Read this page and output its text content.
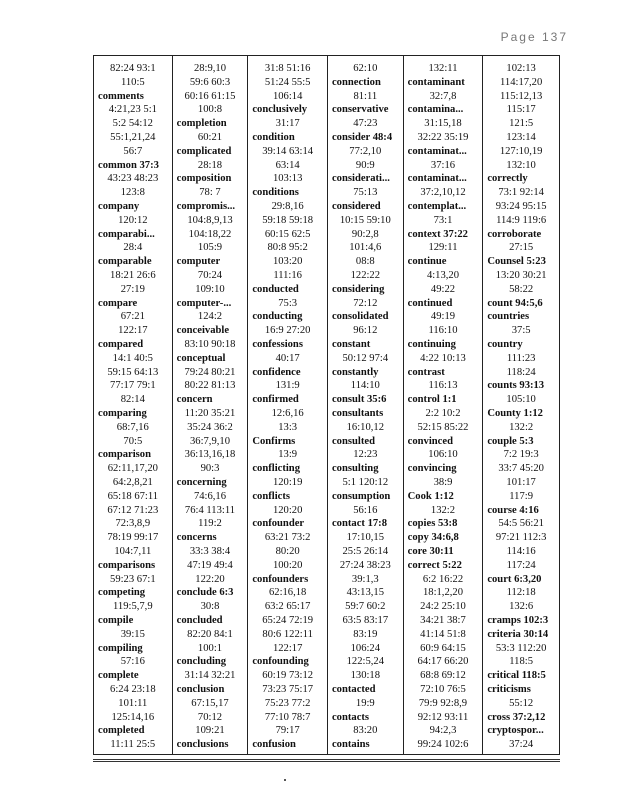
Page 137
82:24 93:1
110:5
comments
4:21,23 5:1
5:2 54:12
55:1,21,24
56:7
common 37:3
43:23 48:23
123:8
company
120:12
comparabi...
28:4
comparable
18:21 26:6
27:19
compare
67:21
122:17
compared
14:1 40:5
59:15 64:13
77:17 79:1
82:14
comparing
68:7,16
70:5
comparison
62:11,17,20
64:2,8,21
65:18 67:11
67:12 71:23
72:3,8,9
78:19 99:17
104:7,11
comparisons
59:23 67:1
competing
119:5,7,9
compile
39:15
compiling
57:16
complete
6:24 23:18
101:11
125:14,16
completed
11:11 25:5
28:9,10
59:6 60:3
60:16 61:15
100:8
completion
60:21
complicated
28:18
composition
78: 7
compromis...
104:8,9,13
104:18,22
105:9
computer
70:24
109:10
computer-...
124:2
conceivable
83:10 90:18
conceptual
79:24 80:21
80:22 81:13
concern
11:20 35:21
35:24 36:2
36:7,9,10
36:13,16,18
90:3
concerning
74:6,16
76:4 113:11
119:2
concerns
33:3 38:4
47:19 49:4
122:20
conclude 6:3
30:8
concluded
82:20 84:1
100:1
concluding
31:14 32:21
conclusion
67:15,17
70:12
109:21
conclusions
31:8 51:16
51:24 55:5
106:14
conclusively
31:17
condition
39:14 63:14
63:14
103:13
conditions
29:8,16
59:18 59:18
60:15 62:5
80:8 95:2
103:20
111:16
conducted
75:3
conducting
16:9 27:20
confessions
40:17
confidence
131:9
confirmed
12:6,16
13:3
Confirms
13:9
conflicting
120:19
conflicts
120:20
confounder
63:21 73:2
80:20
100:20
confounders
62:16,18
63:2 65:17
65:24 72:19
80:6 122:11
122:17
confounding
60:19 73:12
73:23 75:17
75:23 77:2
77:10 78:7
79:17
confusion
62:10
connection
81:11
conservative
47:23
consider 48:4
77:2,10
90:9
considerati...
75:13
considered
10:15 59:10
90:2,8
101:4,6
08:8
122:22
considering
72:12
consolidated
96:12
constant
50:12 97:4
constantly
114:10
consult 35:6
consultants
16:10,12
consulted
12:23
consulting
5:1 120:12
consumption
56:16
contact 17:8
17:10,15
25:5 26:14
27:24 38:23
39:1,3
43:13,15
59:7 60:2
63:5 83:17
83:19
106:24
122:5,24
130:18
contacted
19:9
contacts
83:20
contains
132:11
contaminant
32:7,8
contamina...
31:15,18
32:22 35:19
contaminat...
37:16
contaminat...
37:2,10,12
contemplat...
73:1
context 37:22
129:11
continue
4:13,20
49:22
continued
49:19
116:10
continuing
4:22 10:13
contrast
116:13
control 1:1
2:2 10:2
52:15 85:22
convinced
106:10
convincing
38:9
Cook 1:12
132:2
copies 53:8
copy 34:6,8
core 30:11
correct 5:22
6:2 16:22
18:1,2,20
24:2 25:10
34:21 38:7
41:14 51:8
60:9 64:15
64:17 66:20
68:8 69:12
72:10 76:5
79:9 92:8,9
92:12 93:11
94:2,3
99:24 102:6
102:13
114:17,20
115:12,13
115:17
121:5
123:14
127:10,19
132:10
correctly
73:1 92:14
93:24 95:15
114:9 119:6
corroborate
27:15
Counsel 5:23
13:20 30:21
58:22
count 94:5,6
countries
37:5
country
111:23
118:24
counts 93:13
105:10
County 1:12
132:2
couple 5:3
7:2 19:3
33:7 45:20
101:17
117:9
course 4:16
54:5 56:21
97:21 112:3
114:16
117:24
court 6:3,20
112:18
132:6
cramps 102:3
criteria 30:14
53:3 112:20
118:5
critical 118:5
criticisms
55:12
cross 37:2,12
cryptospor...
37:24
